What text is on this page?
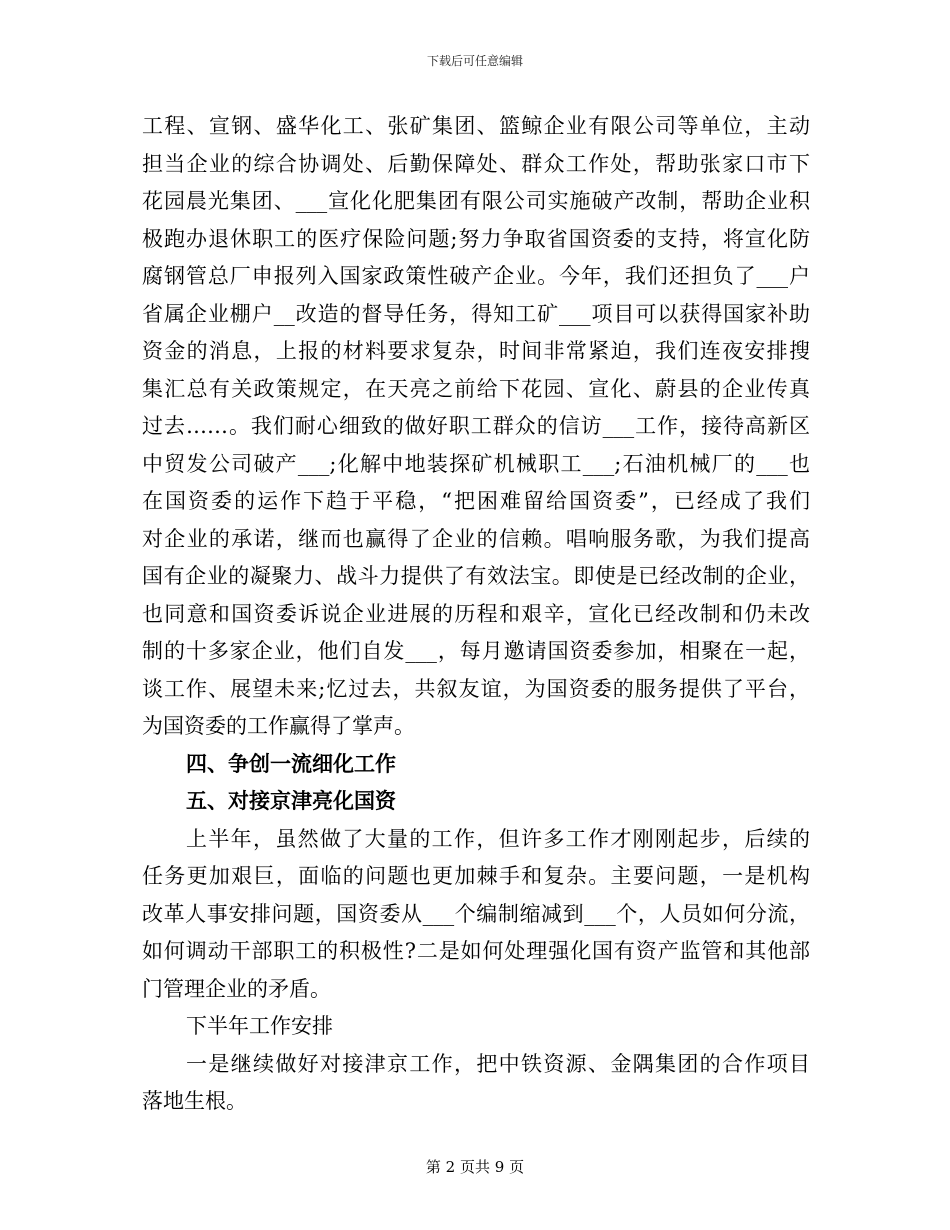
下载后可任意编辑
工程、宣钢、盛华化工、张矿集团、篮鲸企业有限公司等单位，主动
担当企业的综合协调处、后勤保障处、群众工作处，帮助张家口市下
花园晨光集团、___宣化化肥集团有限公司实施破产改制，帮助企业积
极跑办退休职工的医疗保险问题;努力争取省国资委的支持，将宣化防
腐钢管总厂申报列入国家政策性破产企业。今年，我们还担负了___户
省属企业棚户__改造的督导任务，得知工矿___项目可以获得国家补助
资金的消息，上报的材料要求复杂，时间非常紧迫，我们连夜安排搜
集汇总有关政策规定，在天亮之前给下花园、宣化、蔚县的企业传真
过去……。我们耐心细致的做好职工群众的信访___工作，接待高新区
中贸发公司破产___;化解中地装探矿机械职工___;石油机械厂的___也
在国资委的运作下趋于平稳，“把困难留给国资委”，已经成了我们
对企业的承诺，继而也赢得了企业的信赖。唱响服务歌，为我们提高
国有企业的凝聚力、战斗力提供了有效法宝。即使是已经改制的企业，
也同意和国资委诉说企业进展的历程和艰辛，宣化已经改制和仍未改
制的十多家企业，他们自发___，每月邀请国资委参加，相聚在一起，
谈工作、展望未来;忆过去，共叙友谊，为国资委的服务提供了平台，
为国资委的工作赢得了掌声。
四、争创一流细化工作
五、对接京津亮化国资
上半年，虽然做了大量的工作，但许多工作才刚刚起步，后续的
任务更加艰巨，面临的问题也更加棘手和复杂。主要问题，一是机构
改革人事安排问题，国资委从___个编制缩减到___个，人员如何分流，
如何调动干部职工的积极性?二是如何处理强化国有资产监管和其他部
门管理企业的矛盾。
下半年工作安排
一是继续做好对接津京工作，把中铁资源、金隅集团的合作项目
落地生根。
第 2 页共 9 页
